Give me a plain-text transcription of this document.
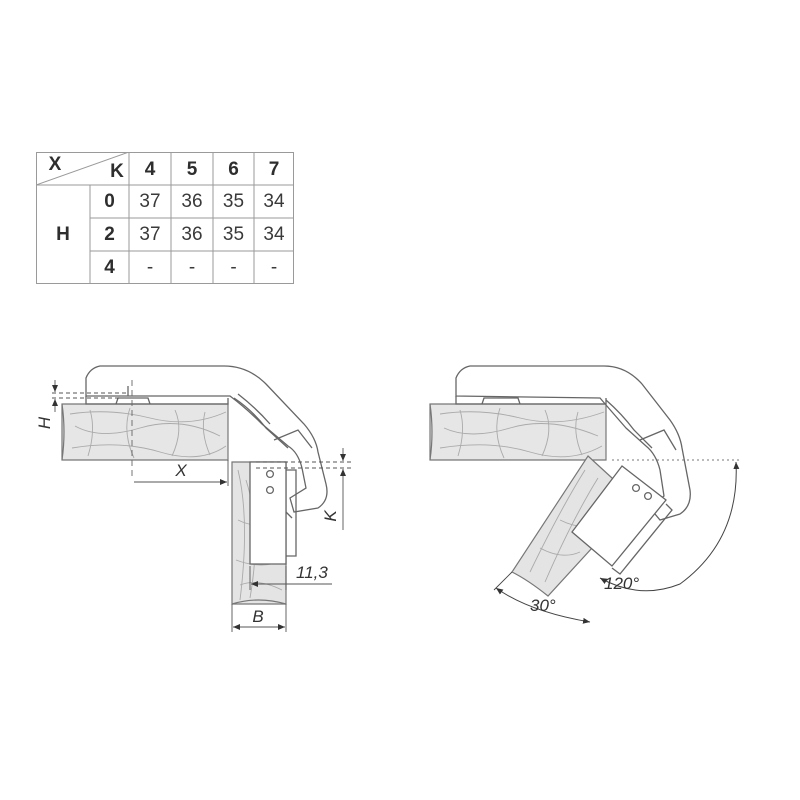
X	K	4	5	6	7
H
0	37	36	35	34
2	37	36	35	34
4	-	-	-	-
H
X
K
11,3
B
120°
30°
